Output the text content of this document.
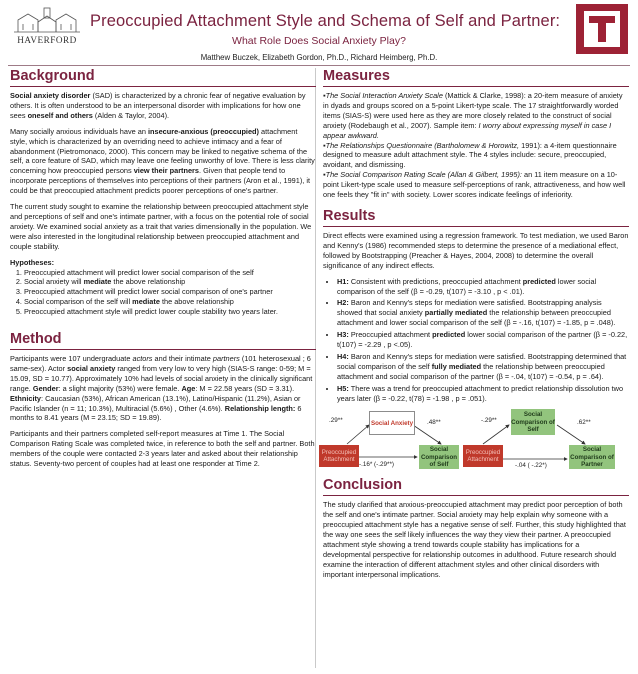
HAVERFORD
Preoccupied Attachment Style and Schema of Self and Partner:
What Role Does Social Anxiety Play?
Matthew Buczek, Elizabeth Gordon, Ph.D., Richard Heimberg, Ph.D.
Background

Social anxiety disorder (SAD) is characterized by a chronic fear of negative evaluation by others. It is often understood to be an interpersonal disorder with implications for how one sees oneself and others (Alden & Taylor, 2004).

Many socially anxious individuals have an insecure-anxious (preoccupied) attachment style, which is characterized by an overriding need to achieve intimacy and a fear of abandonment (Pietromonaco, 2000). This concern may be linked to negative schema of the self, a core feature of SAD, which may leave one feeling unworthy of love. There is less clarity concerning how preoccupied persons view their partners. Given that people tend to incorporate perceptions of themselves into perceptions of their partners (Aron et al., 1991), it could be that preoccupied attachment predicts poorer perceptions of one's partner.

The current study sought to examine the relationship between preoccupied attachment style and perceptions of self and one's intimate partner, with a focus on the potential role of social anxiety. We examined social anxiety as a trait that varies dimensionally in the population. We were also interested in the longitudinal relationship between preoccupied attachment and couple stability.

Hypotheses:

1. Preoccupied attachment will predict lower social comparison of the self
2. Social anxiety will mediate the above relationship
3. Preoccupied attachment will predict lower social comparison of one's partner
4. Social comparison of the self will mediate the above relationship
5. Preoccupied attachment style will predict lower couple stability two years later.
Method

Participants were 107 undergraduate actors and their intimate partners (101 heterosexual ; 6 same-sex). Actor social anxiety ranged from very low to very high (SIAS-S range: 0-59; M = 15.09, SD = 10.77). Approximately 10% had levels of social anxiety in the clinically significant range. Gender: a slight majority (53%) were female. Age: M = 22.58 years (SD = 3.31). Ethnicity: Caucasian (53%), African American (13.1%), Latino/Hispanic (11.2%), Asian or Pacific Islander (n = 11; 10.3%), Multiracial (5.6%) , Other (4.6%). Relationship length: 6 months to 8.41 years (M = 23.15; SD = 19.89).

Participants and their partners completed self-report measures at Time 1. The Social Comparison Rating Scale was completed twice, in reference to both the self and partner. Both members of the couple were contacted 2-3 years later and asked about their relationship status. Seventy-two percent of couples had at least one responder at Time 2.

Measures

▪The Social Interaction Anxiety Scale (Mattick & Clarke, 1998): a 20-item measure of anxiety in dyads and groups scored on a 5-point Likert-type scale. The 17 straightforwardly worded items (SIAS-S) were used here as they are more closely related to the construct of social anxiety (Rodebaugh et al., 2007). Sample item: I worry about expressing myself in case I appear awkward.

▪The Relationships Questionnaire (Bartholomew & Horowitz, 1991): a 4-item questionnaire designed to measure adult attachment style. The 4 styles include: secure, preoccupied, avoidant, and dismissing.

▪The Social Comparison Rating Scale (Allan & Gilbert, 1995): an 11 item measure on a 10-point Likert-type scale used to measure self-perceptions of rank, attractiveness, and how well one feels they "fit in" with society. Lower scores indicate feelings of inferiority.

Results

Direct effects were examined using a regression framework. To test mediation, we used Baron and Kenny's (1986) recommended steps to determine the presence of a mediational effect, followed by Bootstrapping (Preacher & Hayes, 2004, 2008) to determine the overall significance of any indirect effects.

• H1: Consistent with predictions, preoccupied attachment predicted lower social comparison of the self (β = -0.29, t(107) = -3.10 , p < .01).
• H2: Baron and Kenny's steps for mediation were satisfied. Bootstrapping analysis showed that social anxiety partially mediated the relationship between preoccupied attachment and lower social comparison of the self (β = -.16, t(107) = -1.85, p = .048).
• H3: Preoccupied attachment predicted lower social comparison of the partner (β = -0.22, t(107) = -2.29 , p <.05).
• H4: Baron and Kenny's steps for mediation were satisfied. Bootstrapping determined that social comparison of the self fully mediated the relationship between preoccupied attachment and social comparison of the partner (β = -.04, t(107) = -0.54, p = .64).
• H5: There was a trend for preoccupied attachment to predict relationship dissolution two years later (β = -0.22, t(78) = -1.98 , p = .051).
Social Anxiety
Preoccupied Attachment
Social Comparison of Self
.29**	.48**
-.16* (-.29**)
Social Comparison of Self
Preoccupied Attachment
Social Comparison of Partner
-.29**	.62**
-.04 ( -.22*)
Conclusion

The study clarified that anxious-preoccupied attachment may predict poor perception of both the self and one's intimate partner. Social anxiety may help explain why someone with a preoccupied attachment style has a negative sense of self. Further, this study highlighted that the way one sees the self likely influences the way they view their partner. A preoccupied attachment style showing a trend towards couple stability has implications for a developmental perspective for relationship outcomes in adulthood. Future research should examine the interaction of different attachment styles and other clinical disorders with important interpersonal implications.
